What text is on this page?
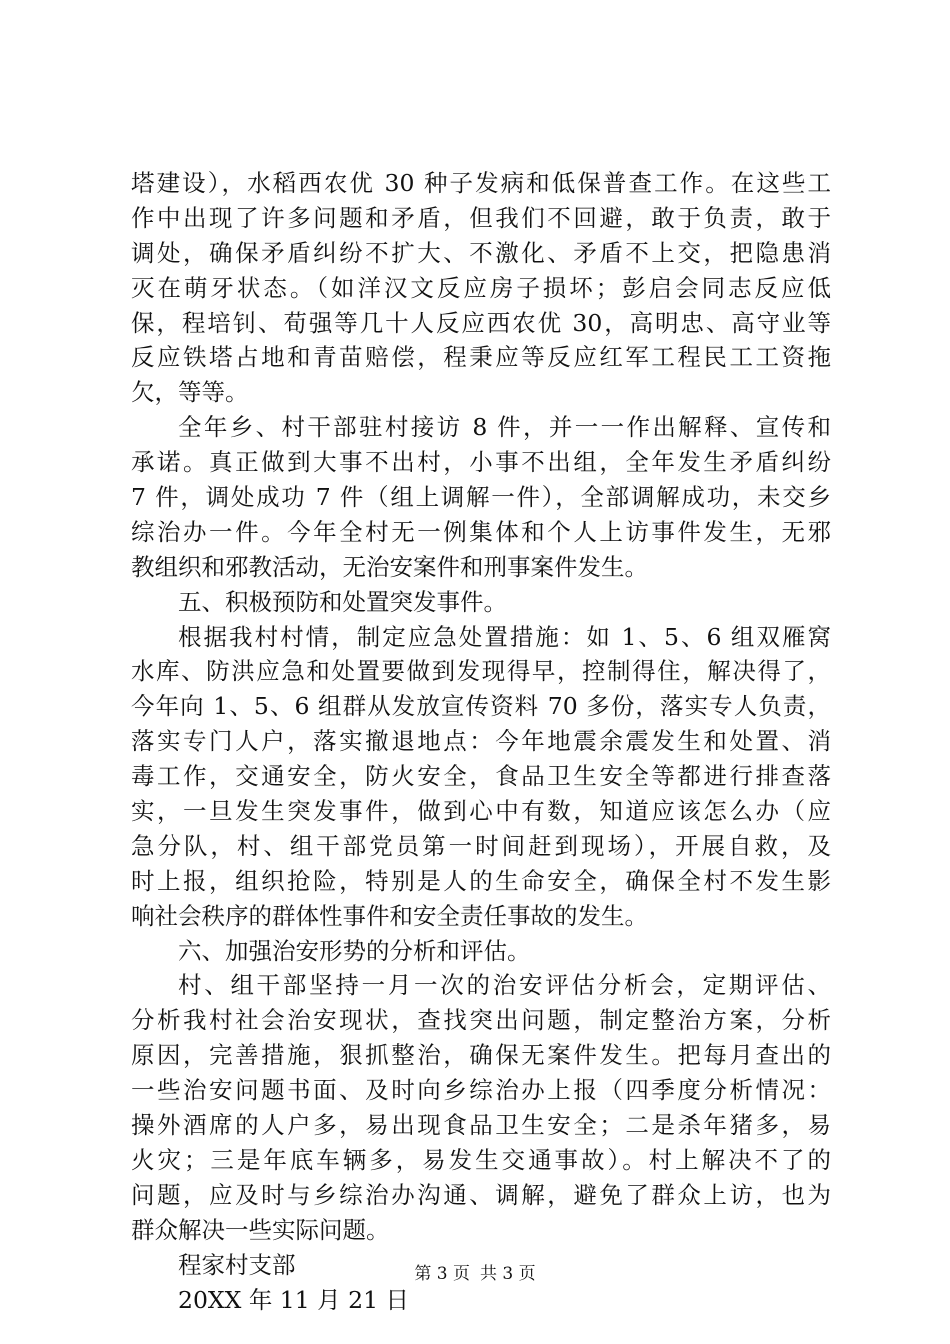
塔建设），水稻西农优 30 种子发病和低保普查工作。在这些工
作中出现了许多问题和矛盾，但我们不回避，敢于负责，敢于
调处，确保矛盾纠纷不扩大、不激化、矛盾不上交，把隐患消
灭在萌牙状态。（如洋汉文反应房子损坏；彭启会同志反应低
保，程培钊、荀强等几十人反应西农优 30，高明忠、高守业等
反应铁塔占地和青苗赔偿，程秉应等反应红军工程民工工资拖
欠，等等。
全年乡、村干部驻村接访 8 件，并一一作出解释、宣传和
承诺。真正做到大事不出村，小事不出组，全年发生矛盾纠纷
7 件，调处成功 7 件（组上调解一件），全部调解成功，未交乡
综治办一件。今年全村无一例集体和个人上访事件发生，无邪
教组织和邪教活动，无治安案件和刑事案件发生。
五、积极预防和处置突发事件。
根据我村村情，制定应急处置措施：如 1、5、6 组双雁窝
水库、防洪应急和处置要做到发现得早，控制得住，解决得了，
今年向 1、5、6 组群从发放宣传资料 70 多份，落实专人负责，
落实专门人户，落实撤退地点：今年地震余震发生和处置、消
毒工作，交通安全，防火安全，食品卫生安全等都进行排查落
实，一旦发生突发事件，做到心中有数，知道应该怎么办（应
急分队，村、组干部党员第一时间赶到现场），开展自救，及
时上报，组织抢险，特别是人的生命安全，确保全村不发生影
响社会秩序的群体性事件和安全责任事故的发生。
六、加强治安形势的分析和评估。
村、组干部坚持一月一次的治安评估分析会，定期评估、
分析我村社会治安现状，查找突出问题，制定整治方案，分析
原因，完善措施，狠抓整治，确保无案件发生。把每月查出的
一些治安问题书面、及时向乡综治办上报（四季度分析情况：
操外酒席的人户多，易出现食品卫生安全；二是杀年猪多，易
火灾；三是年底车辆多，易发生交通事故）。村上解决不了的
问题，应及时与乡综治办沟通、调解，避免了群众上访，也为
群众解决一些实际问题。
程家村支部
20XX 年 11 月 21 日
第 3 页 共 3 页
